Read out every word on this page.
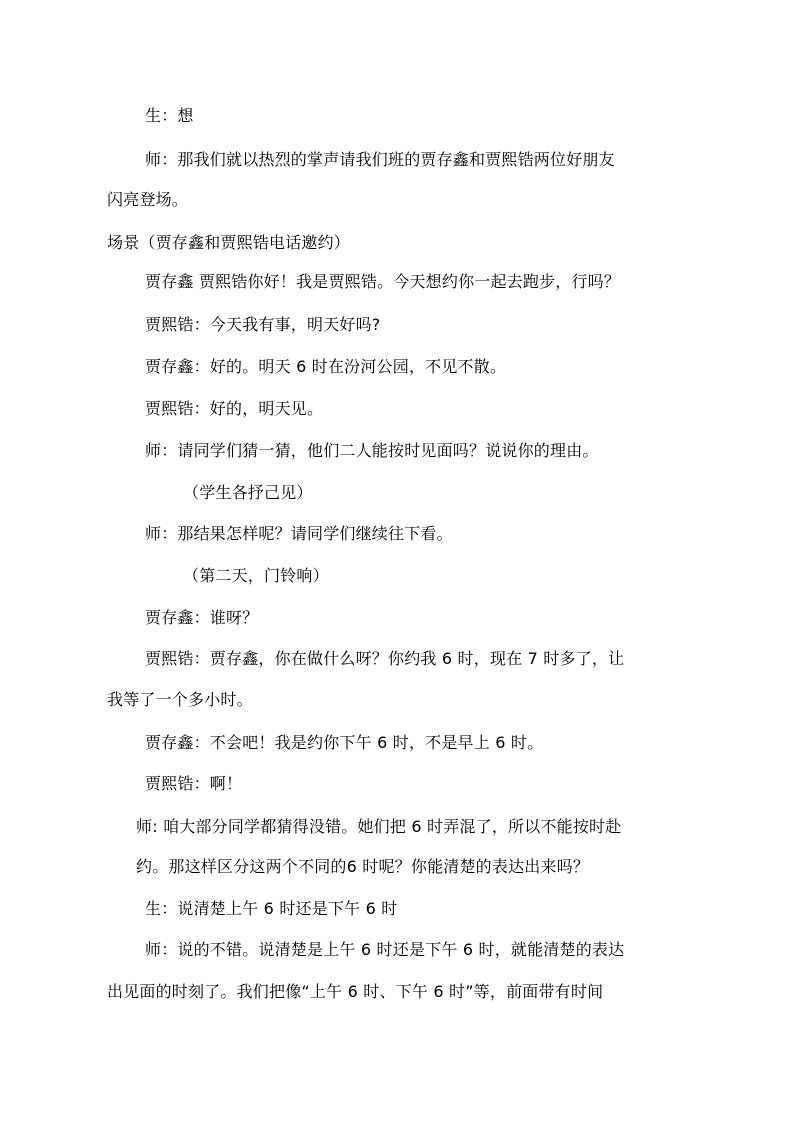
生：想
师：那我们就以热烈的掌声请我们班的贾存鑫和贾熙锆两位好朋友
闪亮登场。
场景（贾存鑫和贾熙锆电话邀约）
贾存鑫 贾熙锆你好！我是贾熙锆。今天想约你一起去跑步，行吗？
贾熙锆：今天我有事，明天好吗?
贾存鑫：好的。明天 6 时在汾河公园，不见不散。
贾熙锆：好的，明天见。
师：请同学们猜一猜，他们二人能按时见面吗？说说你的理由。
（学生各抒己见）
师：那结果怎样呢？请同学们继续往下看。
（第二天，门铃响）
贾存鑫：谁呀？
贾熙锆：贾存鑫，你在做什么呀？你约我 6 时，现在 7 时多了，让
我等了一个多小时。
贾存鑫：不会吧！我是约你下午 6 时，不是早上 6 时。
贾熙锆：啊！
师: 咱大部分同学都猜得没错。她们把 6 时弄混了，所以不能按时赴
约。那这样区分这两个不同的6 时呢？你能清楚的表达出来吗？
生：说清楚上午 6 时还是下午 6 时
师：说的不错。说清楚是上午 6 时还是下午 6 时，就能清楚的表达
出见面的时刻了。我们把像“上午 6 时、下午 6 时”等，前面带有时间
